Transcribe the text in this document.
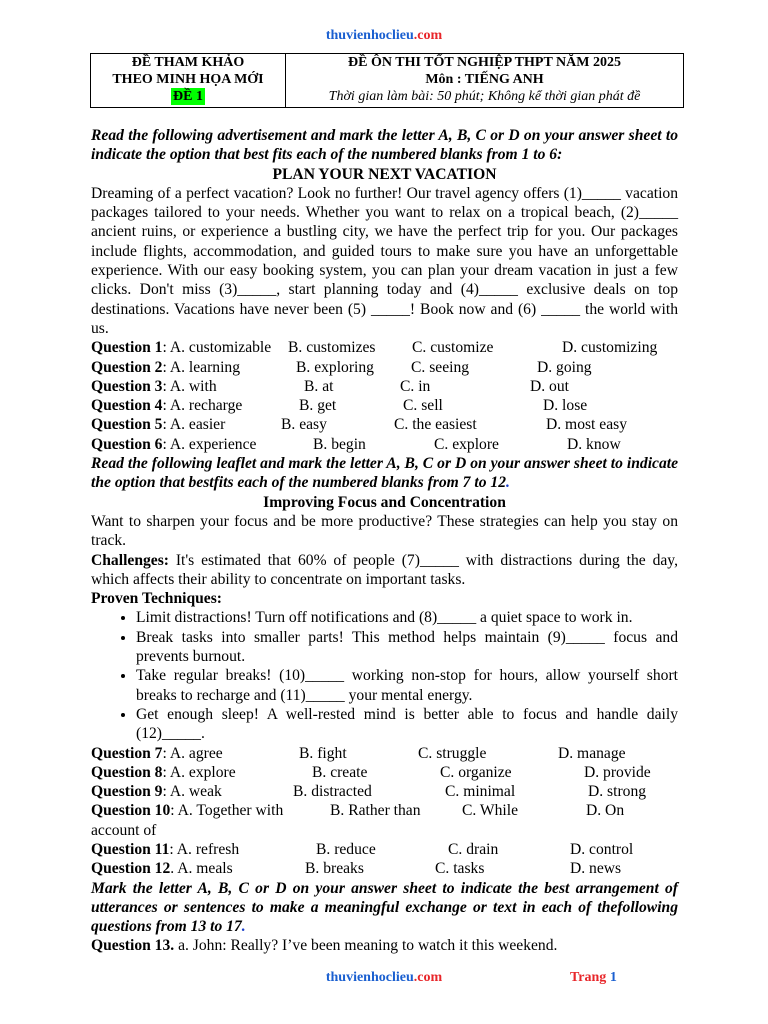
thuvienhoclieu.com
ĐỀ THAM KHẢO
THEO MINH HỌA MỚI
ĐỀ 1

ĐỀ ÔN THI TỐT NGHIỆP THPT NĂM 2025
Môn : TIẾNG ANH
Thời gian làm bài: 50 phút; Không kể thời gian phát đề

Read the following advertisement and mark the letter A, B, C or D on your answer sheet to indicate the option that best fits each of the numbered blanks from 1 to 6:

PLAN YOUR NEXT VACATION

Dreaming of a perfect vacation? Look no further! Our travel agency offers (1)_____ vacation packages tailored to your needs. Whether you want to relax on a tropical beach, (2)_____ ancient ruins, or experience a bustling city, we have the perfect trip for you. Our packages include flights, accommodation, and guided tours to make sure you have an unforgettable experience. With our easy booking system, you can plan your dream vacation in just a few clicks. Don't miss (3)_____, start planning today and (4)_____ exclusive deals on top destinations. Vacations have never been (5) _____! Book now and (6) _____ the world with us.

Question 1: A. customizable	B. customizes	C. customize	D. customizing
Question 2: A. learning	B. exploring	C. seeing	D. going
Question 3: A. with	B. at	C. in	D. out
Question 4: A. recharge	B. get	C. sell	D. lose
Question 5: A. easier	B. easy	C. the easiest	D. most easy
Question 6: A. experience	B. begin	C. explore	D. know

Read the following leaflet and mark the letter A, B, C or D on your answer sheet to indicate the option that bestfits each of the numbered blanks from 7 to 12.

Improving Focus and Concentration

Want to sharpen your focus and be more productive? These strategies can help you stay on track.

Challenges: It's estimated that 60% of people (7)_____ with distractions during the day, which affects their ability to concentrate on important tasks.

Proven Techniques:

• Limit distractions! Turn off notifications and (8)_____ a quiet space to work in.
• Break tasks into smaller parts! This method helps maintain (9)_____ focus and prevents burnout.
• Take regular breaks! (10)_____ working non-stop for hours, allow yourself short breaks to recharge and (11)_____ your mental energy.
• Get enough sleep! A well-rested mind is better able to focus and handle daily (12)_____.
Question 7: A. agree	B. fight	C. struggle	D. manage
Question 8: A. explore	B. create	C. organize	D. provide
Question 9: A. weak	B. distracted	C. minimal	D. strong
Question 10: A. Together with	B. Rather than	C. While	D. On
account of
Question 11: A. refresh	B. reduce	C. drain	D. control
Question 12. A. meals	B. breaks	C. tasks	D. news

Mark the letter A, B, C or D on your answer sheet to indicate the best arrangement of utterances or sentences to make a meaningful exchange or text in each of thefollowing questions from 13 to 17.

Question 13. a. John: Really? I’ve been meaning to watch it this weekend.

thuvienhoclieu.com	Trang 1
